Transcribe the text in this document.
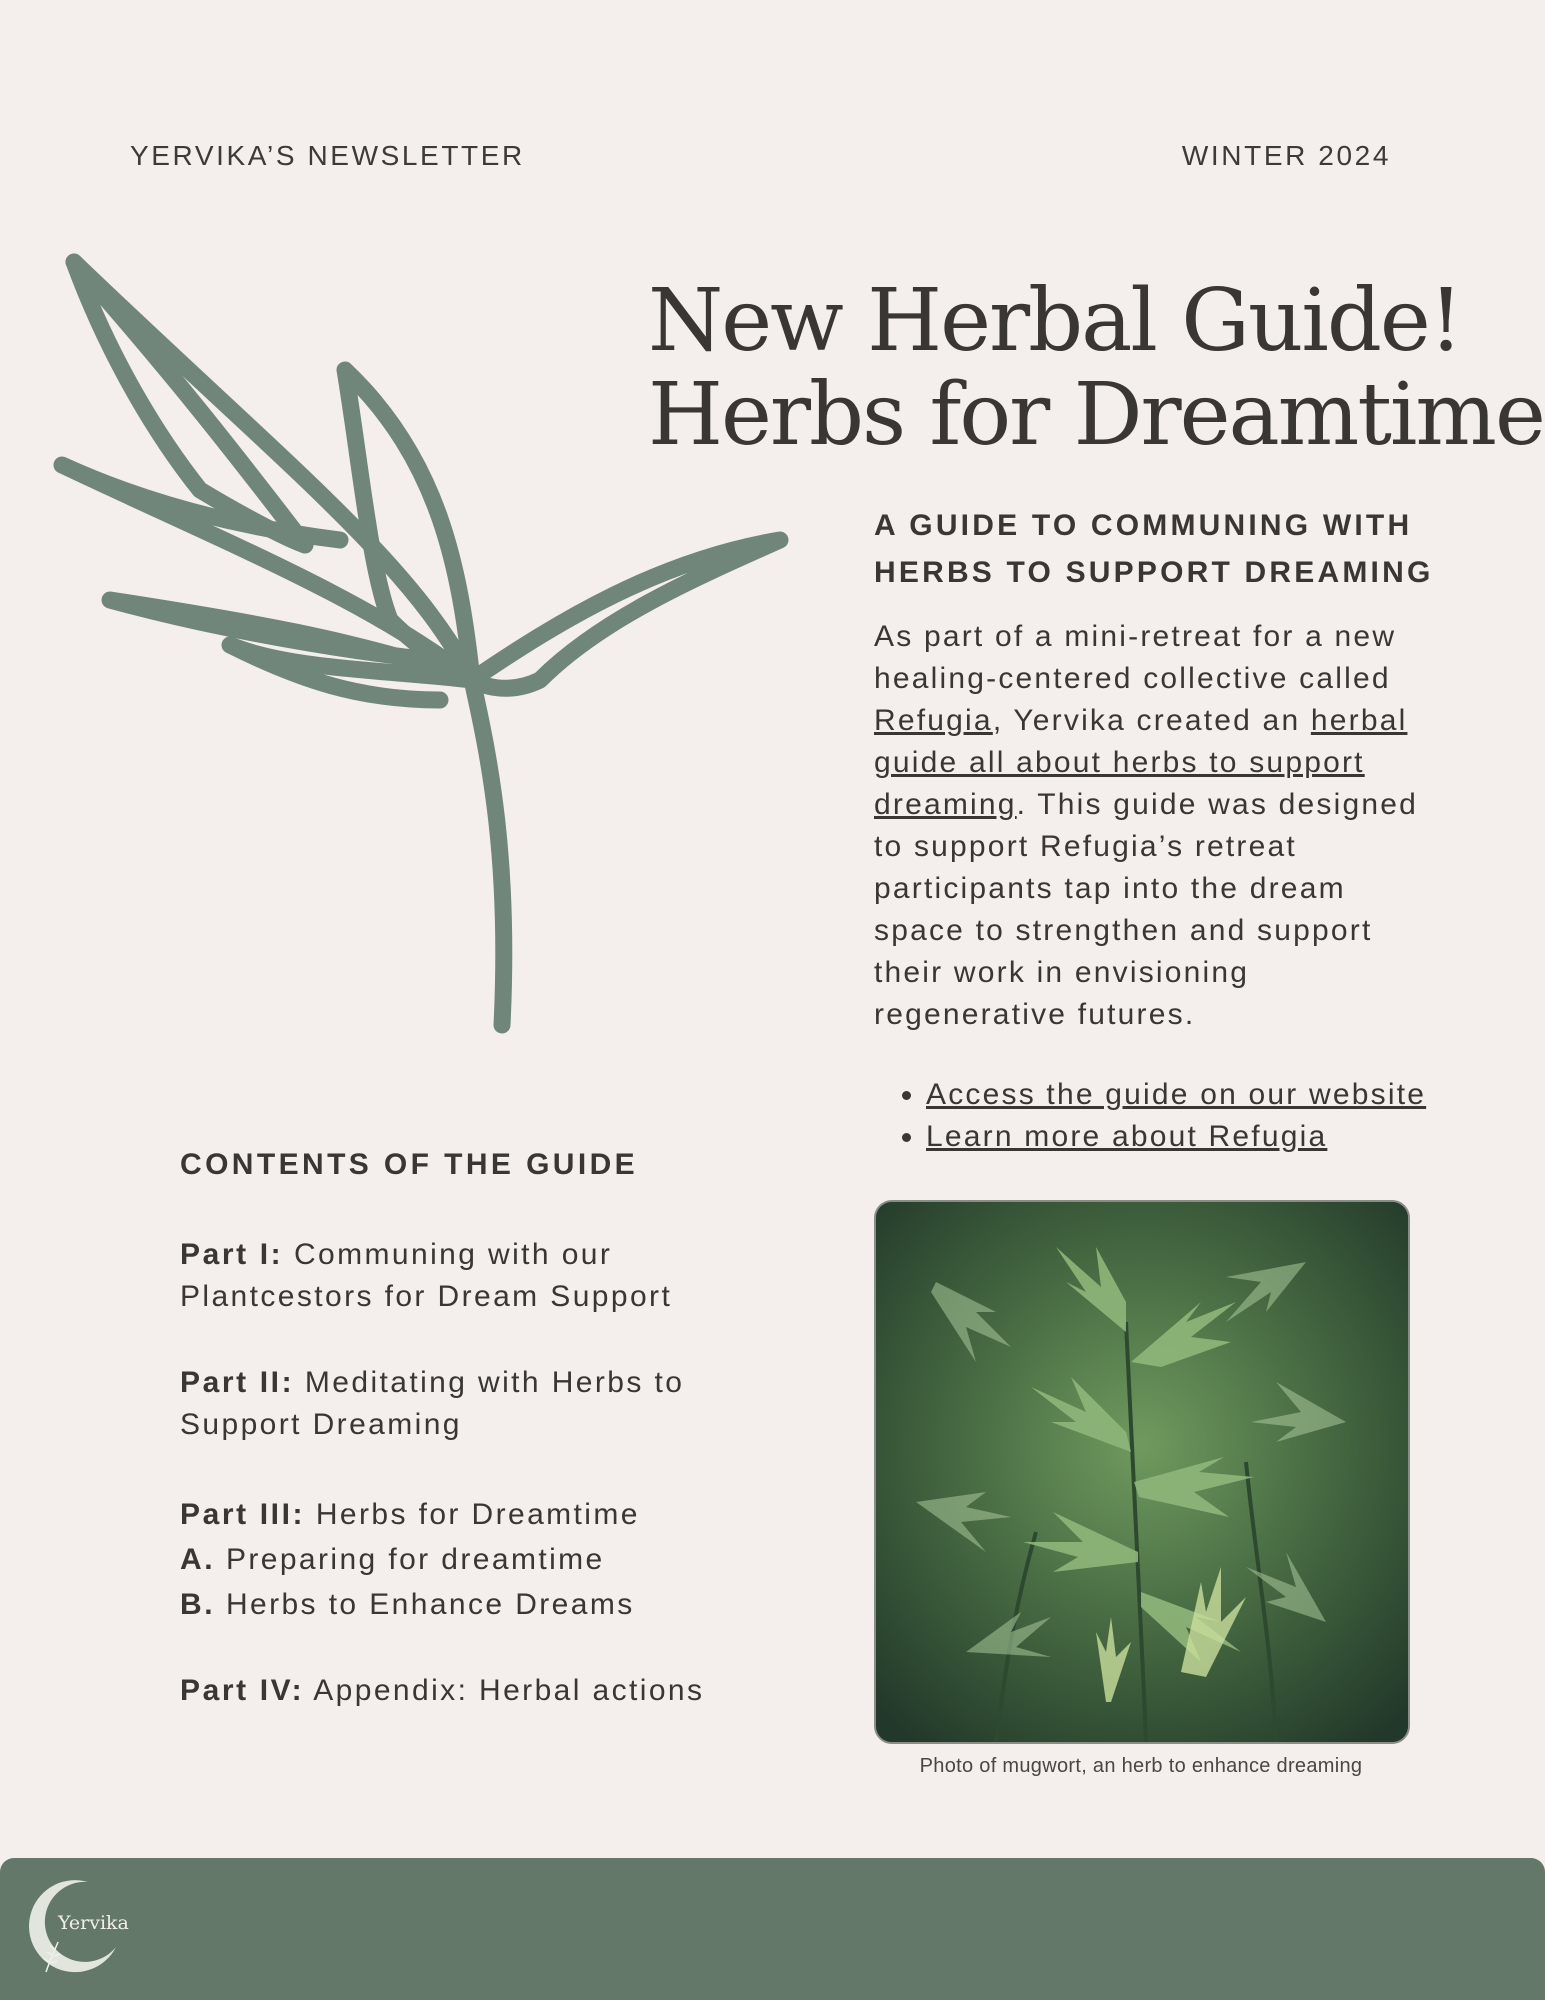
YERVIKA’S NEWSLETTER	WINTER 2024
New Herbal Guide!
Herbs for Dreamtime
A GUIDE TO COMMUNING WITH
HERBS TO SUPPORT DREAMING
As part of a mini-retreat for a new
healing-centered collective called
Refugia, Yervika created an herbal
guide all about herbs to support
dreaming. This guide was designed
to support Refugia’s retreat
participants tap into the dream
space to strengthen and support
their work in envisioning
regenerative futures.
• Access the guide on our website
• Learn more about Refugia
CONTENTS OF THE GUIDE
Part I: Communing with our
Plantcestors for Dream Support
Part II: Meditating with Herbs to
Support Dreaming
Part III: Herbs for Dreamtime
A. Preparing for dreamtime
B. Herbs to Enhance Dreams
Part IV: Appendix: Herbal actions
Photo of mugwort, an herb to enhance dreaming
Yervika
